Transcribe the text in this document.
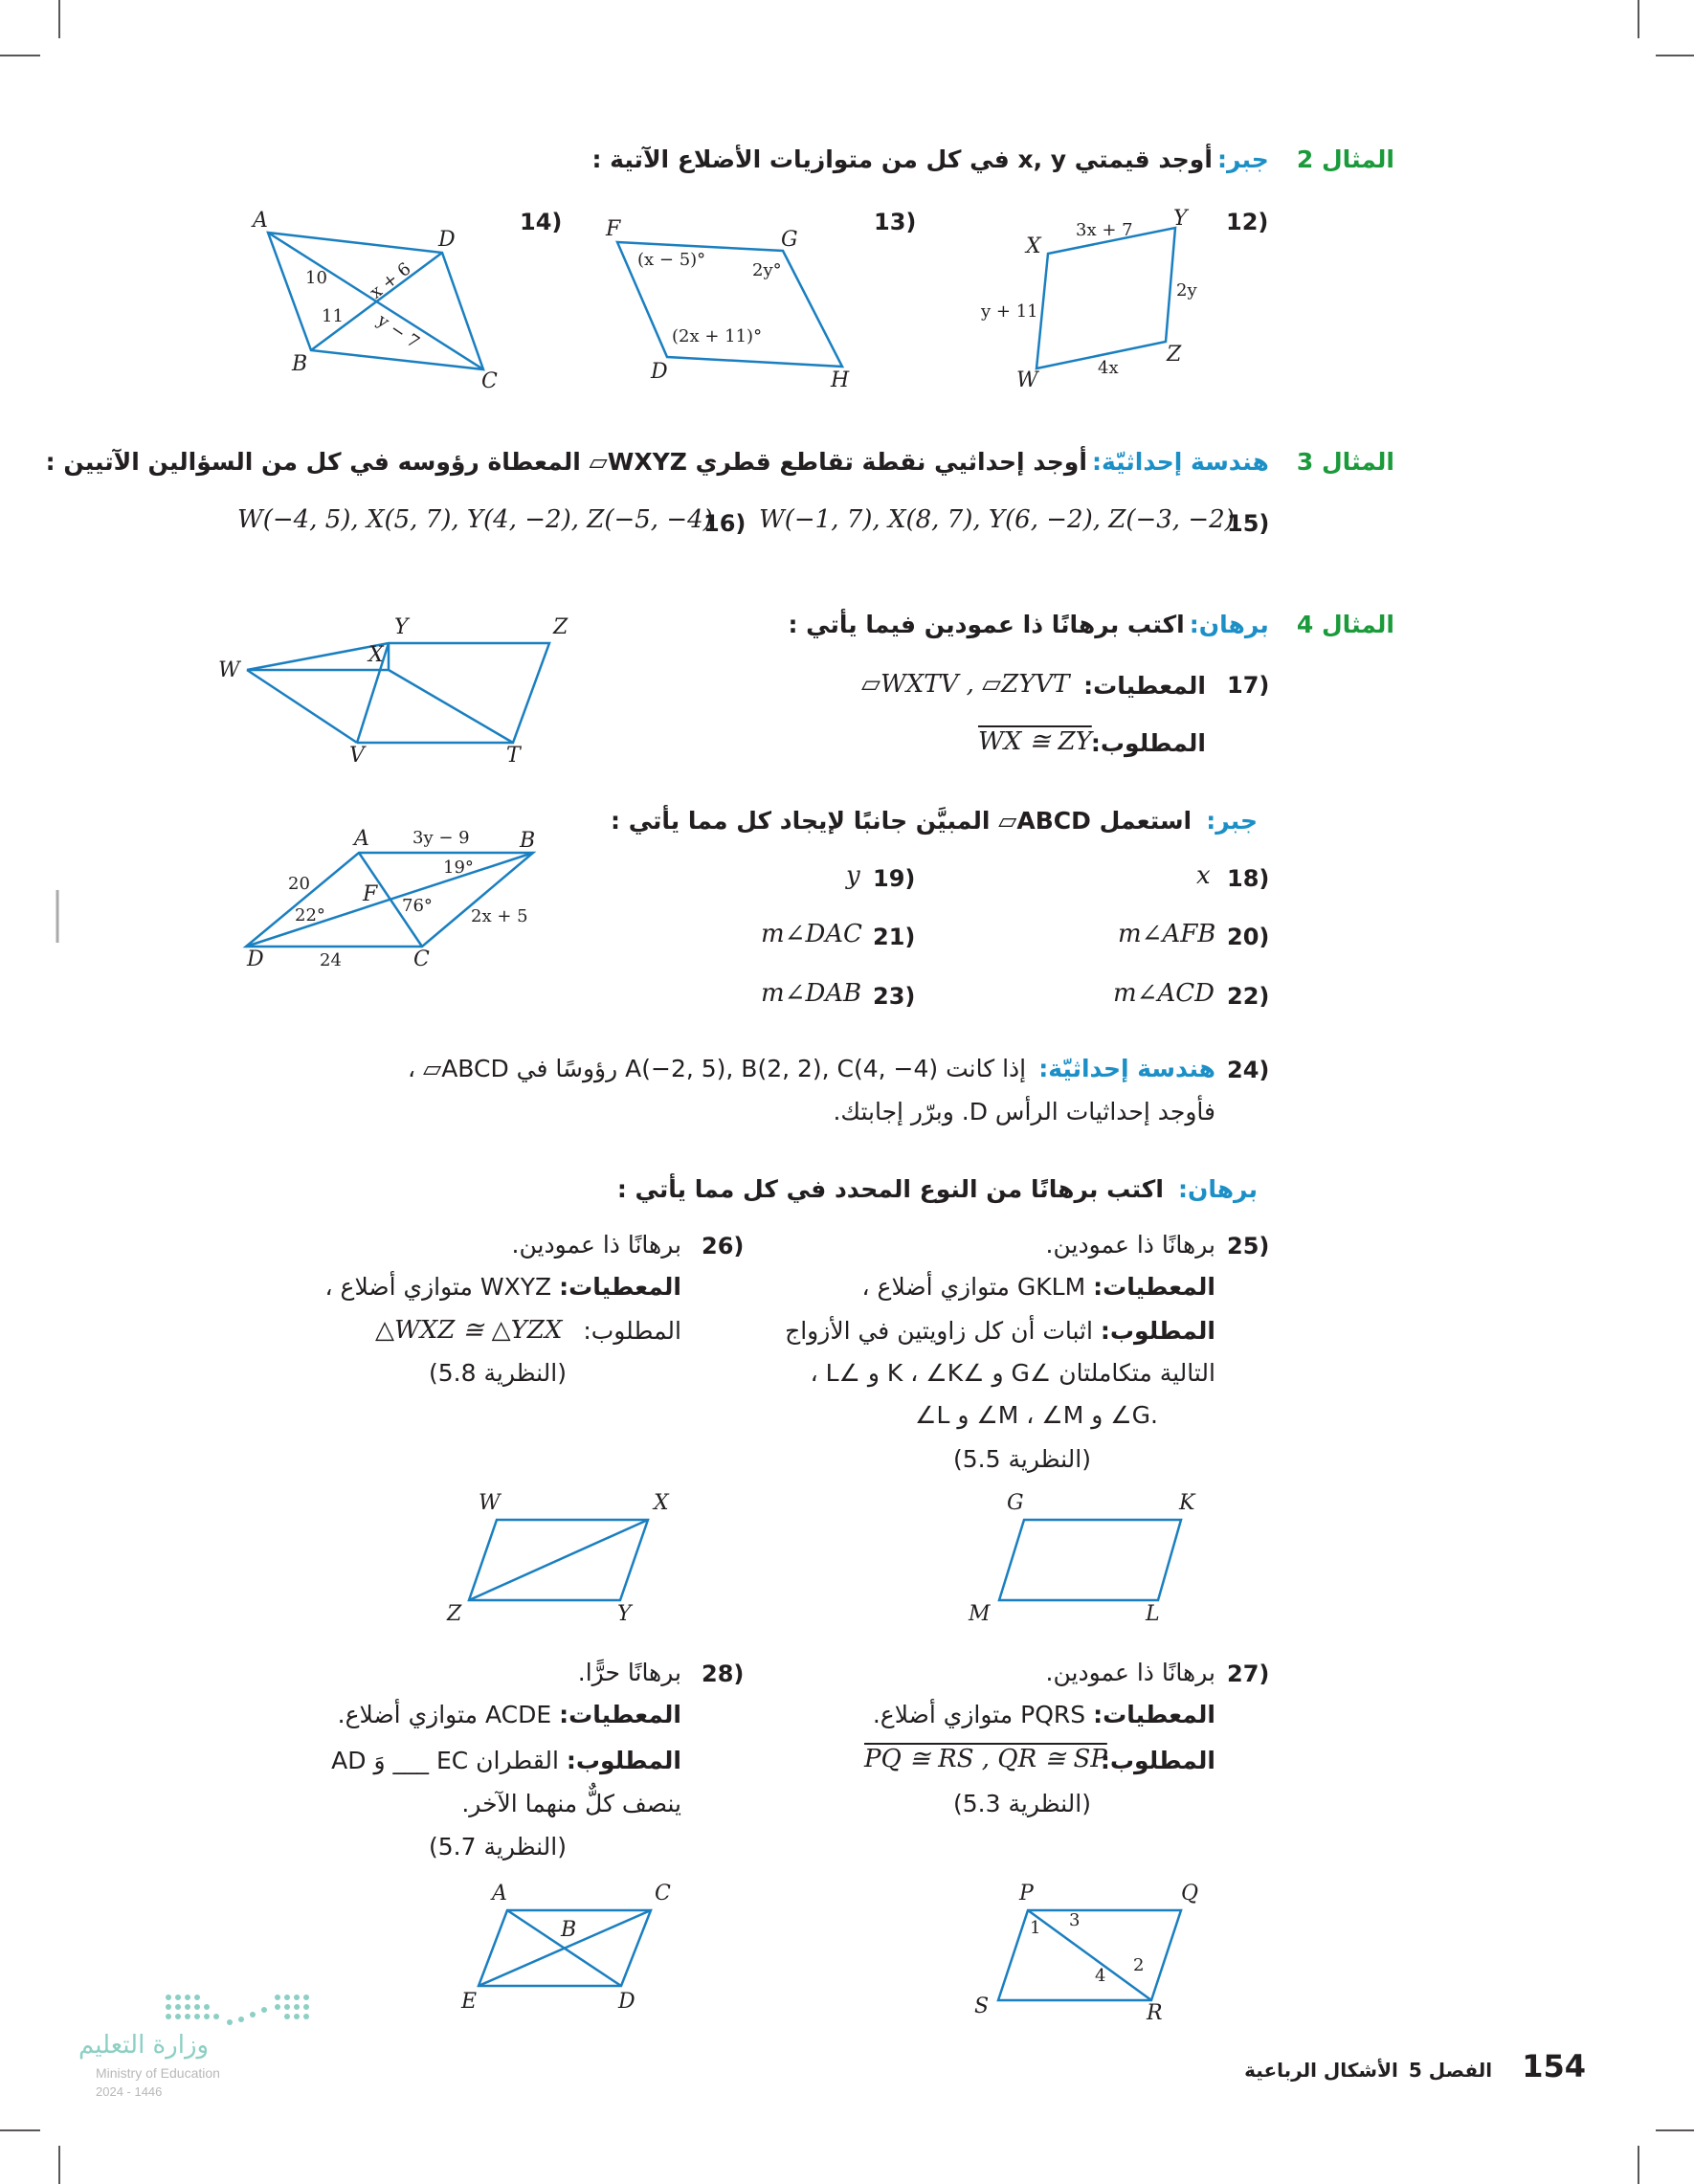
المثال 2 جبر: أوجد قيمتي x, y في كل من متوازيات الأضلاع الآتية :
12)
X
Y
Z
W
3x + 7
2y
y + 11
4x
13)
F	G
D	H
(x − 5)°
2y°
(2x + 11)°
14)
A
D
B
C
10
11
x + 6
y − 7
المثال 3 هندسة إحداثيّة: أوجد إحداثيي نقطة تقاطع قطري WXYZ▱ المعطاة رؤوسه في كل من السؤالين الآتيين :
15)
W(−1, 7), X(8, 7), Y(6, −2), Z(−3, −2)
16)
W(−4, 5), X(5, 7), Y(4, −2), Z(−5, −4)
المثال 4 برهان: اكتب برهانًا ذا عمودين فيما يأتي :
17)
المعطيات:
▱WXTV , ▱ZYVT
المطلوب:
WX ≅ ZY
W
X
Y	Z
V	T
جبر: استعمل ABCD▱ المبيَّن جانبًا لإيجاد كل مما يأتي :
18)
x
19)
y
20)
m∠AFB
21)
m∠DAC
22)
m∠ACD
23)
m∠DAB
A	B
C
D
F
3y − 9
20
24
2x + 5
22°	76°
19°
24)
هندسة إحداثيّة: إذا كانت A(−2, 5), B(2, 2), C(4, −4) رؤوسًا في ABCD▱ ،
فأوجد إحداثيات الرأس D. وبرّر إجابتك.
برهان: اكتب برهانًا من النوع المحدد في كل مما يأتي :
25)
برهانًا ذا عمودين.
المعطيات: GKLM متوازي أضلاع ،
المطلوب: اثبات أن كل زاويتين في الأزواج
التالية متكاملتان ∠G و ∠K ، ∠K و ∠L ،
∠L و ∠M ، ∠M و ∠G.
(النظرية 5.5)
26)
برهانًا ذا عمودين.
المعطيات: WXYZ متوازي أضلاع ،
المطلوب:
△WXZ ≅ △YZX
(النظرية 5.8)
G	K
L
M
W	X
Y
Z
27)
برهانًا ذا عمودين.
المعطيات: PQRS متوازي أضلاع.
المطلوب:
PQ ≅ RS , QR ≅ SP
(النظرية 5.3)
28)
برهانًا حرًّا.
المعطيات: ACDE متوازي أضلاع.
المطلوب: القطران EC ___ وَ AD
ينصف كلٌّ منهما الآخر.
(النظرية 5.7)
P	Q
R
S
1 3
4
2
A	C
B
D
E
154 الفصل 5 الأشكال الرباعية
وزارة التعليم
Ministry of Education
2024 - 1446
